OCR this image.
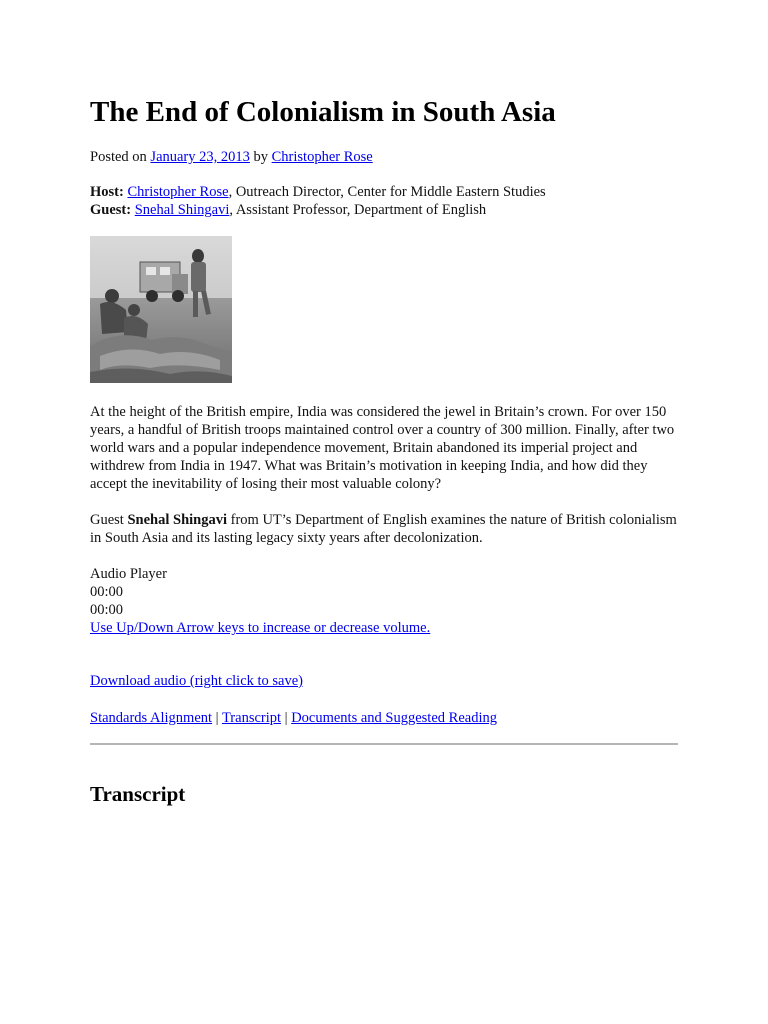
The End of Colonialism in South Asia
Posted on January 23, 2013 by Christopher Rose
Host: Christopher Rose, Outreach Director, Center for Middle Eastern Studies
Guest: Snehal Shingavi, Assistant Professor, Department of English
At the height of the British empire, India was considered the jewel in Britain’s crown. For over 150 years, a handful of British troops maintained control over a country of 300 million. Finally, after two world wars and a popular independence movement, Britain abandoned its imperial project and withdrew from India in 1947. What was Britain’s motivation in keeping India, and how did they accept the inevitability of losing their most valuable colony?
Guest Snehal Shingavi from UT’s Department of English examines the nature of British colonialism in South Asia and its lasting legacy sixty years after decolonization.
Audio Player
00:00
00:00
Use Up/Down Arrow keys to increase or decrease volume.
Download audio (right click to save)
Standards Alignment | Transcript | Documents and Suggested Reading
Transcript
